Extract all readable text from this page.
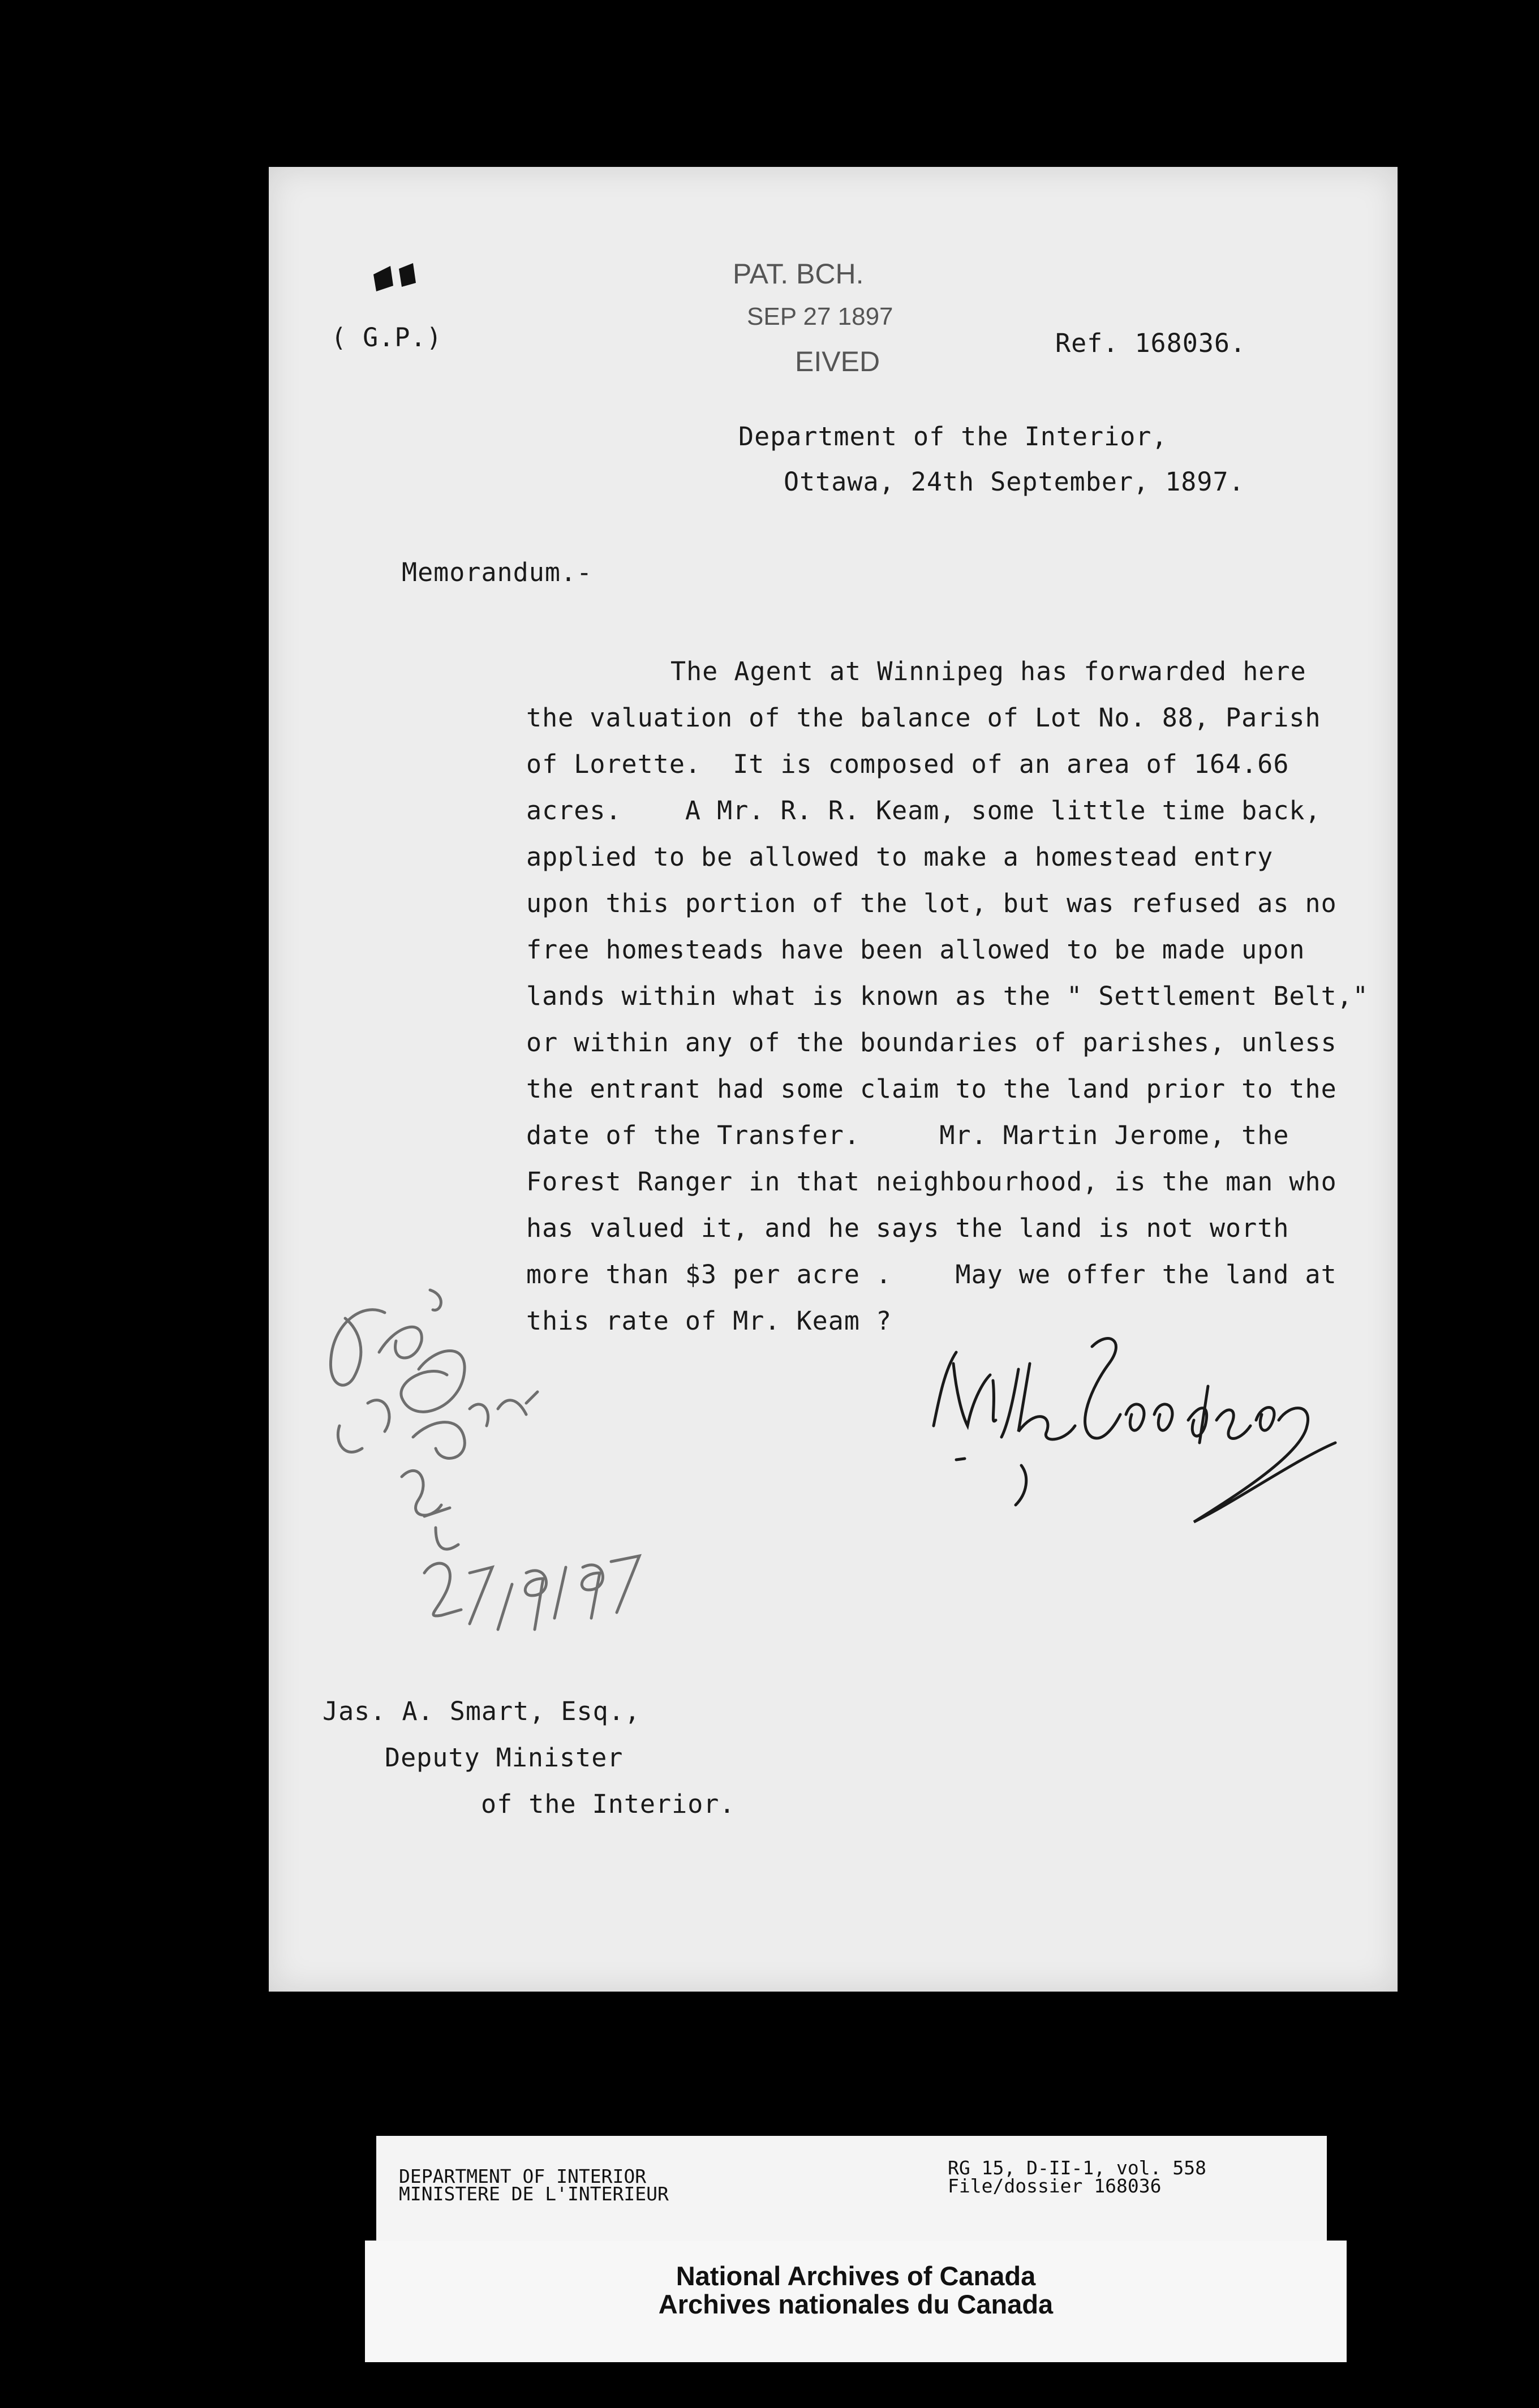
( G.P.)
PAT. BCH.
SEP 27 1897
EIVED
Ref. 168036.
Department of the Interior,
Ottawa, 24th September, 1897.
Memorandum.-
The Agent at Winnipeg has forwarded here
the valuation of the balance of Lot No. 88, Parish
of Lorette.  It is composed of an area of 164.66
acres.    A Mr. R. R. Keam, some little time back,
applied to be allowed to make a homestead entry
upon this portion of the lot, but was refused as no
free homesteads have been allowed to be made upon
lands within what is known as the " Settlement Belt,"
or within any of the boundaries of parishes, unless
the entrant had some claim to the land prior to the
date of the Transfer.     Mr. Martin Jerome, the
Forest Ranger in that neighbourhood, is the man who
has valued it, and he says the land is not worth
more than $3 per acre .    May we offer the land at
this rate of Mr. Keam ?
Jas. A. Smart, Esq.,
Deputy Minister
of the Interior.
DEPARTMENT OF INTERIOR
MINISTERE DE L'INTERIEUR
RG 15, D-II-1, vol. 558
File/dossier 168036
National Archives of Canada
Archives nationales du Canada
